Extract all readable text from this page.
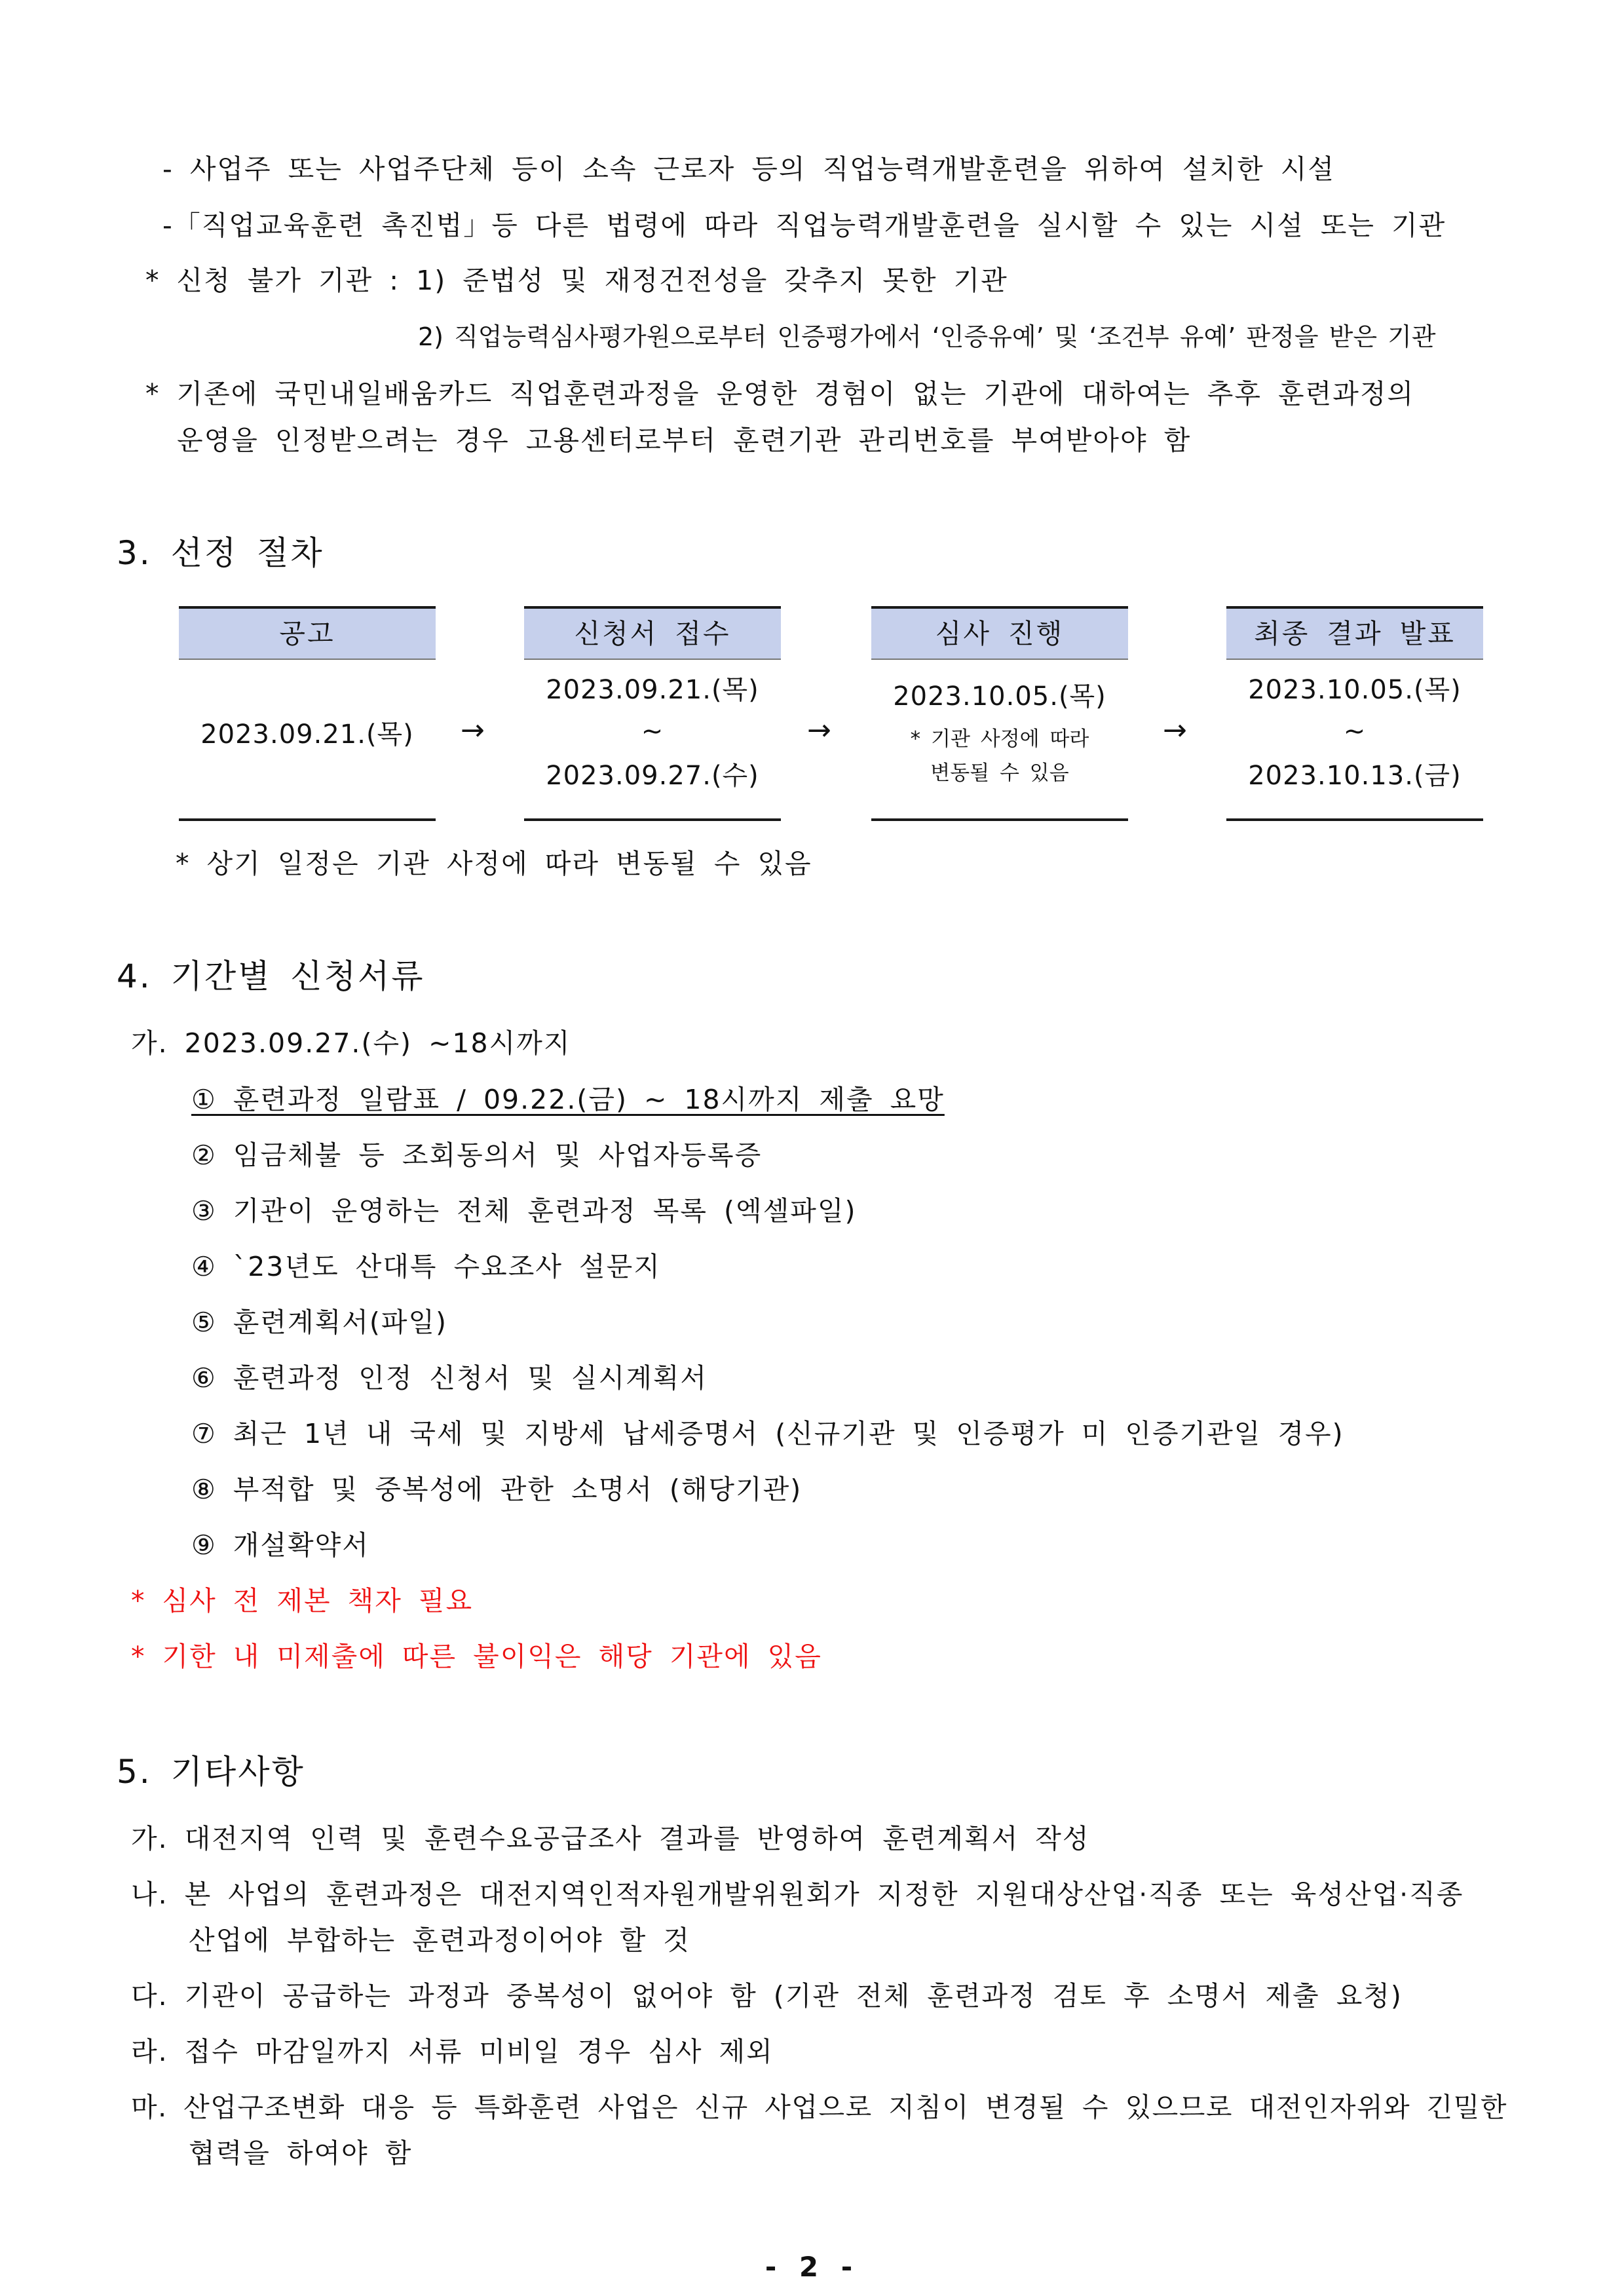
- 사업주 또는 사업주단체 등이 소속 근로자 등의 직업능력개발훈련을 위하여 설치한 시설
-「직업교육훈련 촉진법」등 다른 법령에 따라 직업능력개발훈련을 실시할 수 있는 시설 또는 기관
* 신청 불가 기관 : 1) 준법성 및 재정건전성을 갖추지 못한 기관
2) 직업능력심사평가원으로부터 인증평가에서 ‘인증유예’ 및 ‘조건부 유예’ 판정을 받은 기관
* 기존에 국민내일배움카드 직업훈련과정을 운영한 경험이 없는 기관에 대하여는 추후 훈련과정의
운영을 인정받으려는 경우 고용센터로부터 훈련기관 관리번호를 부여받아야 함
3. 선정 절차
공고
2023.09.21.(목)	→
신청서 접수
2023.09.21.(목)
~
2023.09.27.(수)
→
심사 진행
2023.10.05.(목)
* 기관 사정에 따라
변동될 수 있음
→
최종 결과 발표
2023.10.05.(목)
~
2023.10.13.(금)
* 상기 일정은 기관 사정에 따라 변동될 수 있음
4. 기간별 신청서류
가. 2023.09.27.(수) ~18시까지
① 훈련과정 일람표 / 09.22.(금) ~ 18시까지 제출 요망
② 임금체불 등 조회동의서 및 사업자등록증
③ 기관이 운영하는 전체 훈련과정 목록 (엑셀파일)
④ `23년도 산대특 수요조사 설문지
⑤ 훈련계획서(파일)
⑥ 훈련과정 인정 신청서 및 실시계획서
⑦ 최근 1년 내 국세 및 지방세 납세증명서 (신규기관 및 인증평가 미 인증기관일 경우)
⑧ 부적합 및 중복성에 관한 소명서 (해당기관)
⑨ 개설확약서
* 심사 전 제본 책자 필요
* 기한 내 미제출에 따른 불이익은 해당 기관에 있음
5. 기타사항
가. 대전지역 인력 및 훈련수요공급조사 결과를 반영하여 훈련계획서 작성
나. 본 사업의 훈련과정은 대전지역인적자원개발위원회가 지정한 지원대상산업·직종 또는 육성산업·직종
산업에 부합하는 훈련과정이어야 할 것
다. 기관이 공급하는 과정과 중복성이 없어야 함 (기관 전체 훈련과정 검토 후 소명서 제출 요청)
라. 접수 마감일까지 서류 미비일 경우 심사 제외
마. 산업구조변화 대응 등 특화훈련 사업은 신규 사업으로 지침이 변경될 수 있으므로 대전인자위와 긴밀한
협력을 하여야 함
- 2 -
